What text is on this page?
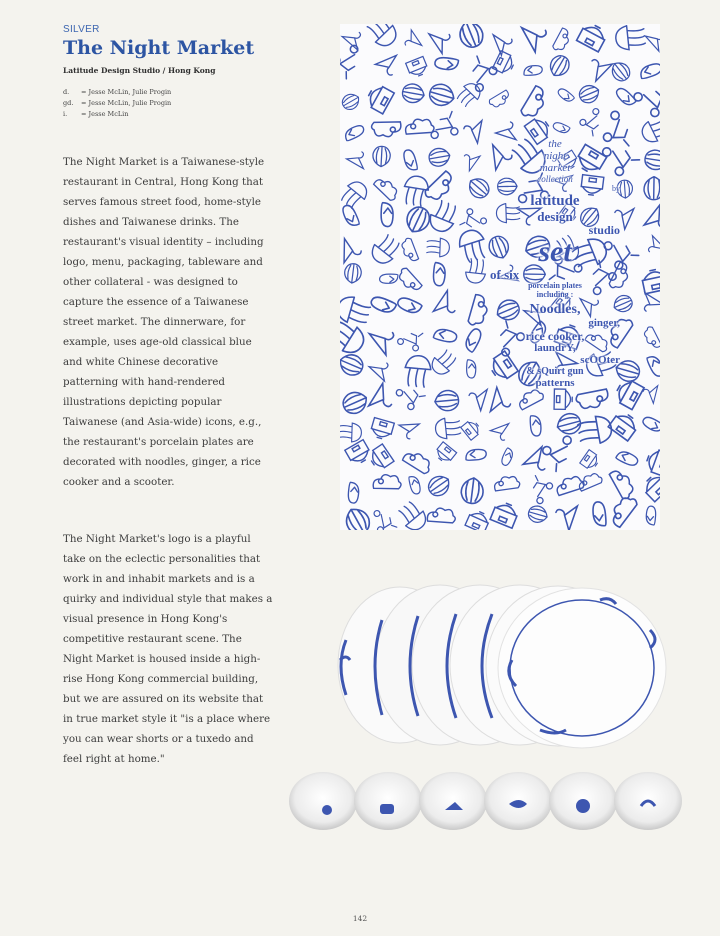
SILVER
The Night Market
Latitude Design Studio / Hong Kong
d. = Jesse McLin, Julie Progin
gd. = Jesse McLin, Julie Progin
i. = Jesse McLin

The Night Market is a Taiwanese-style restaurant in Central, Hong Kong that serves famous street food, home-style dishes and Taiwanese drinks. The restaurant's visual identity – including logo, menu, packaging, tableware and other collateral - was designed to capture the essence of a Taiwanese street market. The dinnerware, for example, uses age-old classical blue and white Chinese decorative patterning with hand-rendered illustrations depicting popular Taiwanese (and Asia-wide) icons, e.g., the restaurant's porcelain plates are decorated with noodles, ginger, a rice cooker and a scooter.

The Night Market's logo is a playful take on the eclectic personalities that work in and inhabit markets and is a quirky and individual style that makes a visual presence in Hong Kong's competitive restaurant scene. The Night Market is housed inside a high-rise Hong Kong commercial building, but we are assured on its website that in true market style it "is a place where you can wear shorts or a tuxedo and feel right at home."

the
night
market
collection
by
latitude
design
studio
set
of six
porcelain plates
including :
Noodles,
ginger,
rice cooker,
laundrY,
scOOter
& sQuirt gun
patterns
142
